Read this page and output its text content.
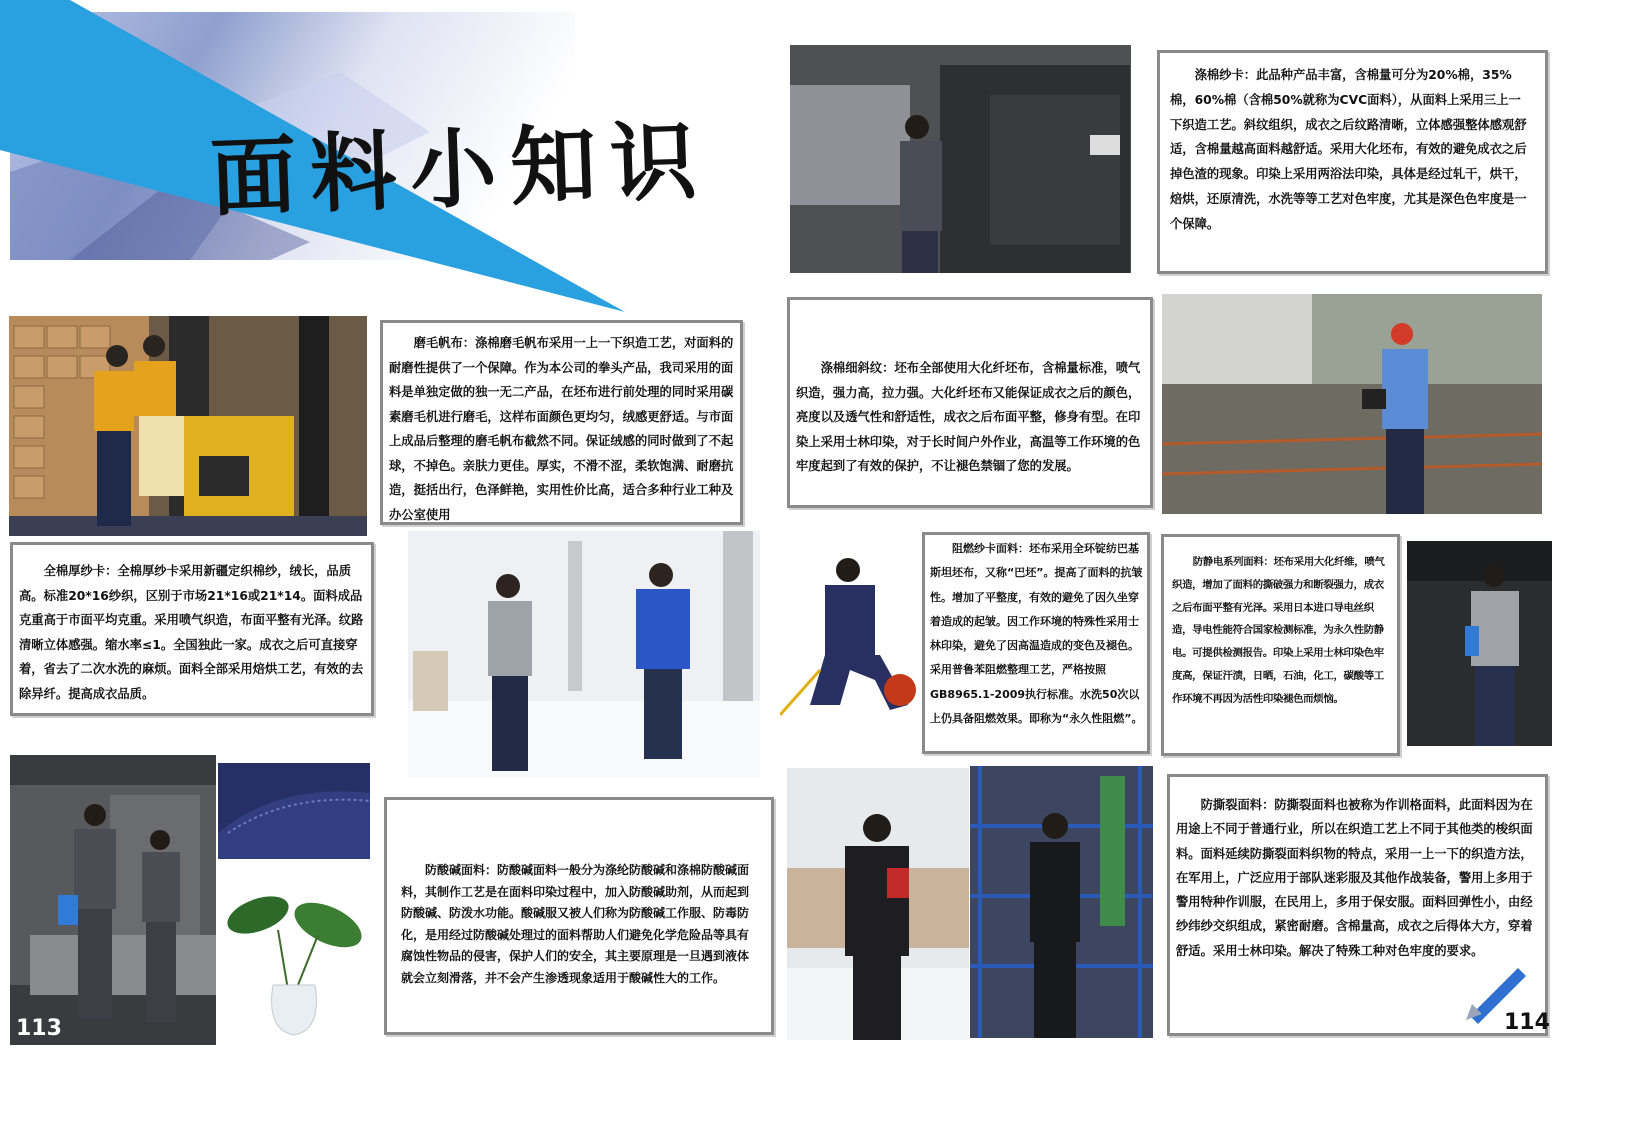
面料小知识

磨毛帆布：涤棉磨毛帆布采用一上一下织造工艺，对面料的耐磨性提供了一个保障。作为本公司的拳头产品，我司采用的面料是单独定做的独一无二产品，在坯布进行前处理的同时采用碳素磨毛机进行磨毛，这样布面颜色更均匀，绒感更舒适。与市面上成品后整理的磨毛帆布截然不同。保证绒感的同时做到了不起球，不掉色。亲肤力更佳。厚实，不滑不涩，柔软饱满、耐磨抗造，挺括出行，色泽鲜艳，实用性价比高，适合多种行业工种及办公室使用

全棉厚纱卡：全棉厚纱卡采用新疆定织棉纱，绒长，品质高。标准20*16纱织，区别于市场21*16或21*14。面料成品克重高于市面平均克重。采用喷气织造，布面平整有光泽。纹路清晰立体感强。缩水率≤1。全国独此一家。成衣之后可直接穿着，省去了二次水洗的麻烦。面料全部采用焙烘工艺，有效的去除异纤。提高成衣品质。

防酸碱面料：防酸碱面料一般分为涤纶防酸碱和涤棉防酸碱面料，其制作工艺是在面料印染过程中，加入防酸碱助剂，从而起到防酸碱、防泼水功能。酸碱服又被人们称为防酸碱工作服、防毒防化，是用经过防酸碱处理过的面料帮助人们避免化学危险品等具有腐蚀性物品的侵害，保护人们的安全，其主要原理是一旦遇到液体就会立刻滑落，并不会产生渗透现象适用于酸碱性大的工作。

113

涤棉纱卡：此品种产品丰富，含棉量可分为20%棉，35%棉，60%棉（含棉50%就称为CVC面料），从面料上采用三上一下织造工艺。斜纹组织，成衣之后纹路清晰，立体感强整体感观舒适，含棉量越高面料越舒适。采用大化坯布，有效的避免成衣之后掉色渣的现象。印染上采用两浴法印染，具体是经过轧干，烘干，焙烘，还原清洗，水洗等等工艺对色牢度，尤其是深色色牢度是一个保障。

涤棉细斜纹：坯布全部使用大化纤坯布，含棉量标准，喷气织造，强力高，拉力强。大化纤坯布又能保证成衣之后的颜色，亮度以及透气性和舒适性，成衣之后布面平整，修身有型。在印染上采用士林印染，对于长时间户外作业，高温等工作环境的色牢度起到了有效的保护，不让褪色禁锢了您的发展。

阻燃纱卡面料：坯布采用全环锭纺巴基斯坦坯布，又称“巴坯”。提高了面料的抗皱性。增加了平整度，有效的避免了因久坐穿着造成的起皱。因工作环境的特殊性采用士林印染，避免了因高温造成的变色及褪色。采用普鲁苯阻燃整理工艺，严格按照GB8965.1-2009执行标准。水洗50次以上仍具备阻燃效果。即称为“永久性阻燃”。

防静电系列面料：坯布采用大化纤维，喷气织造，增加了面料的撕破强力和断裂强力，成衣之后布面平整有光泽。采用日本进口导电丝织造，导电性能符合国家检测标准，为永久性防静电。可提供检测报告。印染上采用士林印染色牢度高，保证汗渍，日晒，石油，化工，碳酸等工作环境不再因为活性印染褪色而烦恼。

防撕裂面料：防撕裂面料也被称为作训格面料，此面料因为在用途上不同于普通行业，所以在织造工艺上不同于其他类的梭织面料。面料延续防撕裂面料织物的特点，采用一上一下的织造方法，在军用上，广泛应用于部队迷彩服及其他作战装备，警用上多用于警用特种作训服，在民用上，多用于保安服。面料回弹性小，由经纱纬纱交织组成，紧密耐磨。含棉量高，成衣之后得体大方，穿着舒适。采用士林印染。解决了特殊工种对色牢度的要求。

114
